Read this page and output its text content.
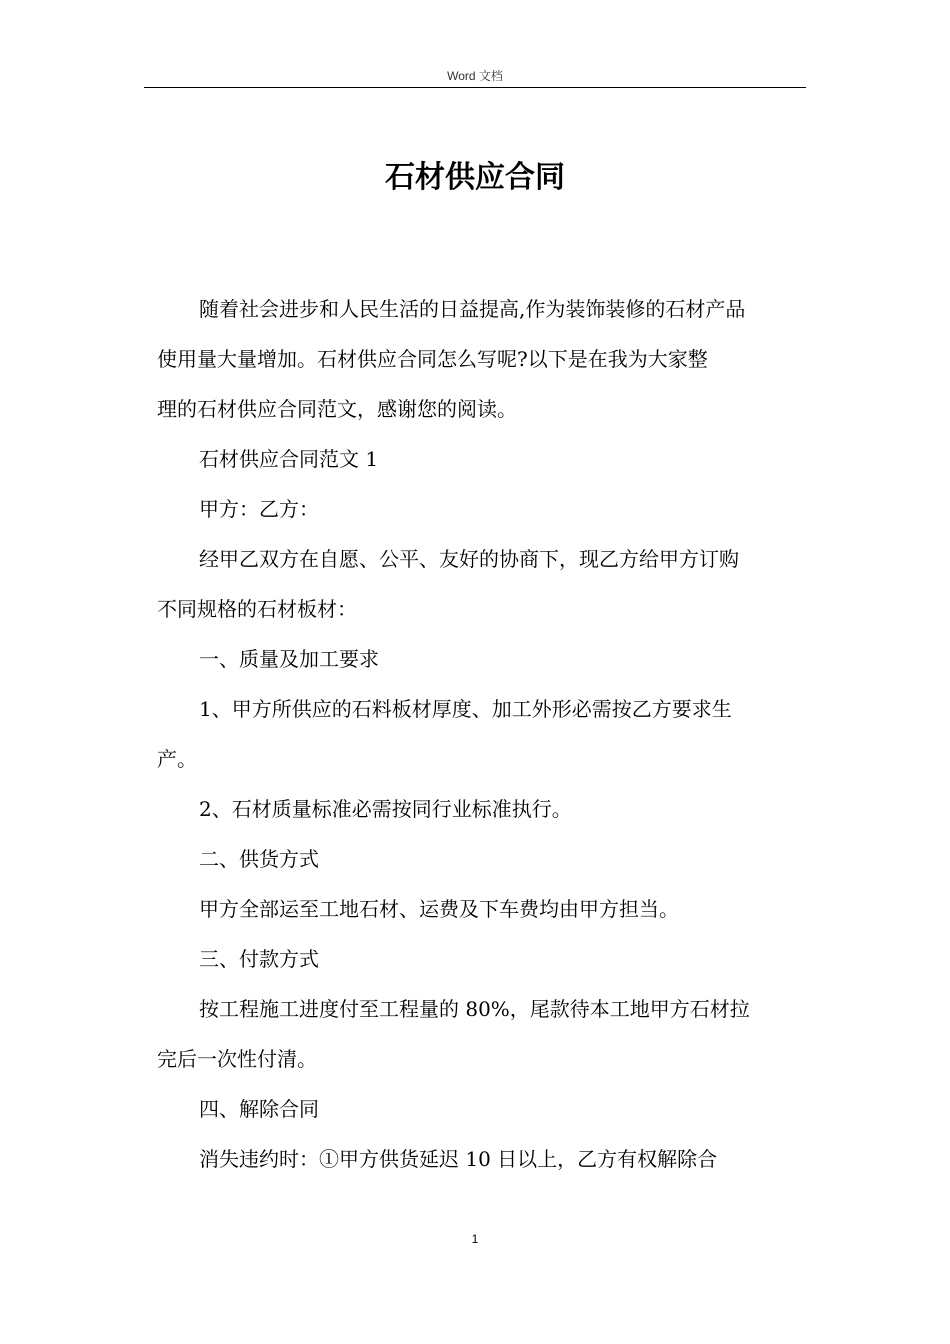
Word 文档
石材供应合同

随着社会进步和人民生活的日益提高,作为装饰装修的石材产品
使用量大量增加。石材供应合同怎么写呢?以下是在我为大家整
理的石材供应合同范文，感谢您的阅读。

石材供应合同范文 1

甲方：乙方：

经甲乙双方在自愿、公平、友好的协商下，现乙方给甲方订购
不同规格的石材板材：

一、质量及加工要求

1、甲方所供应的石料板材厚度、加工外形必需按乙方要求生
产。

2、石材质量标准必需按同行业标准执行。

二、供货方式

甲方全部运至工地石材、运费及下车费均由甲方担当。

三、付款方式

按工程施工进度付至工程量的 80%，尾款待本工地甲方石材拉
完后一次性付清。

四、解除合同

消失违约时：①甲方供货延迟 10 日以上，乙方有权解除合

1
